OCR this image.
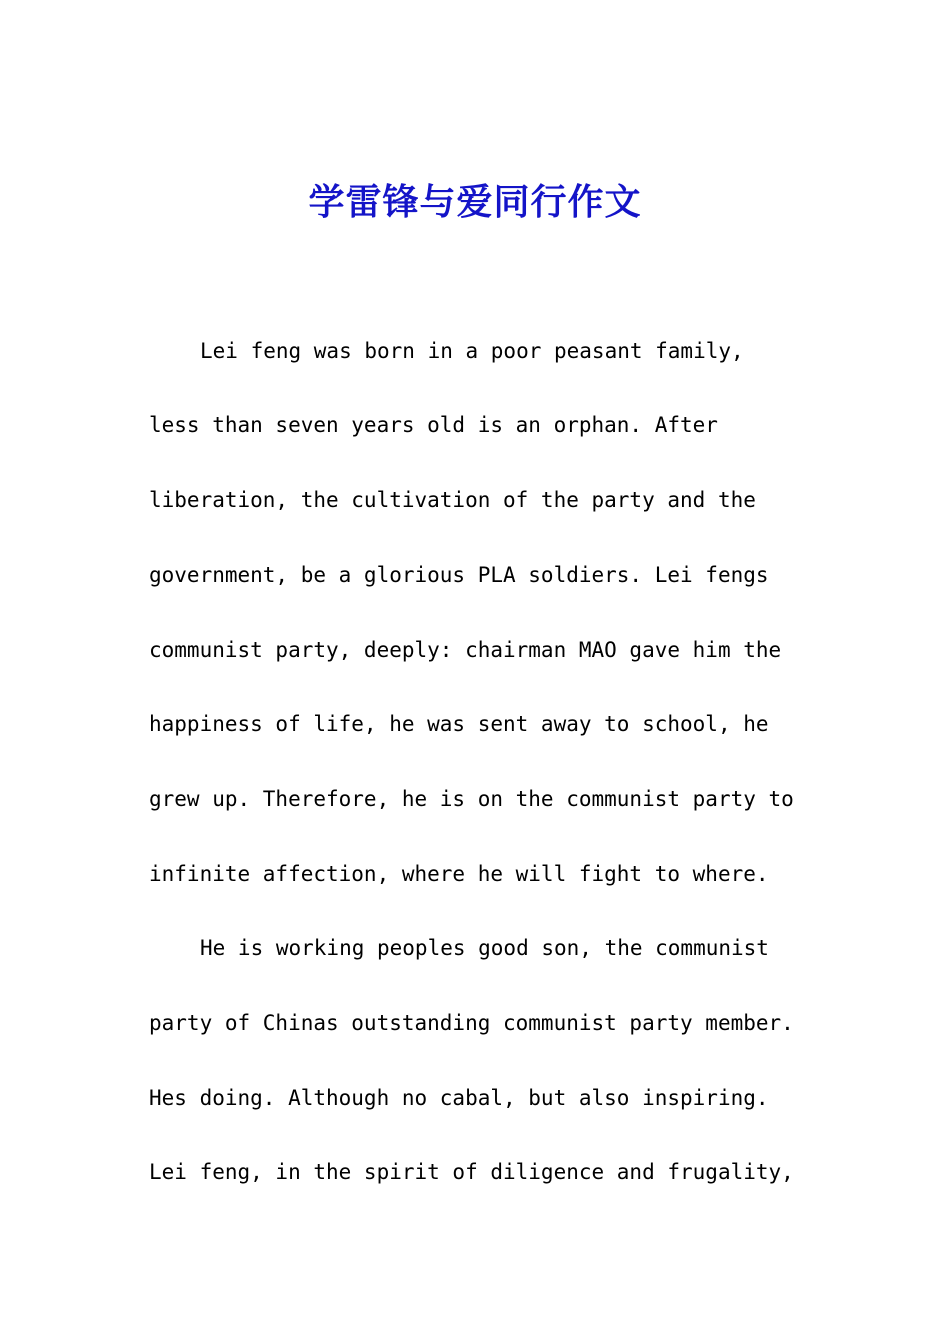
学雷锋与爱同行作文

Lei feng was born in a poor peasant family,

less than seven years old is an orphan. After

liberation, the cultivation of the party and the

government, be a glorious PLA soldiers. Lei fengs

communist party, deeply: chairman MAO gave him the

happiness of life, he was sent away to school, he

grew up. Therefore, he is on the communist party to

infinite affection, where he will fight to where.

He is working peoples good son, the communist

party of Chinas outstanding communist party member.

Hes doing. Although no cabal, but also inspiring.

Lei feng, in the spirit of diligence and frugality,
